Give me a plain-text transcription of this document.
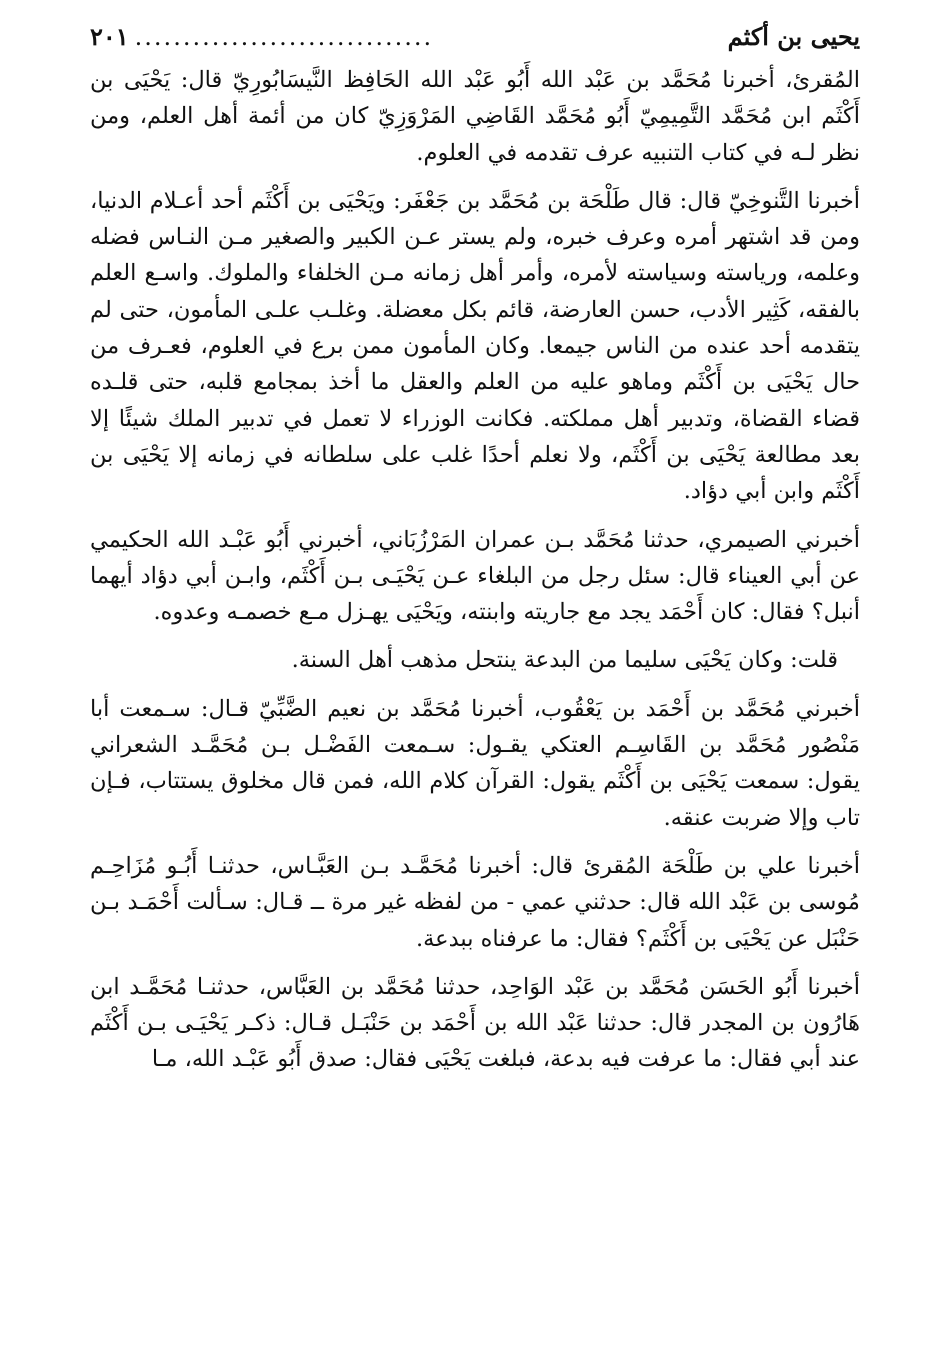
يحيى بن أكثم
...............................
٢٠١

المُقرئ، أخبرنا مُحَمَّد بن عَبْد الله أَبُو عَبْد الله الحَافِظ النَّيسَابُورِيّ قال: يَحْيَى بن أَكْثَم ابن مُحَمَّد التَّمِيمِيّ أَبُو مُحَمَّد القَاضِي المَرْوَزِيّ كان من أئمة أهل العلم، ومن نظر لـه في كتاب التنبيه عرف تقدمه في العلوم.

أخبرنا التَّنوخِيّ قال: قال طَلْحَة بن مُحَمَّد بن جَعْفَر: ويَحْيَى بن أَكْثَم أحد أعـلام الدنيا، ومن قد اشتهر أمره وعرف خبره، ولم يستر عـن الكبير والصغير مـن النـاس فضله وعلمه، ورياسته وسياسته لأمره، وأمر أهل زمانه مـن الخلفاء والملوك. واسـع العلم بالفقه، كَثِير الأدب، حسن العارضة، قائم بكل معضلة. وغلـب علـى المأمون، حتى لم يتقدمه أحد عنده من الناس جيمعا. وكان المأمون ممن برع في العلوم، فعـرف من حال يَحْيَى بن أَكْثَم وماهو عليه من العلم والعقل ما أخذ بمجامع قلبه، حتى قلـده قضاء القضاة، وتدبير أهل مملكته. فكانت الوزراء لا تعمل في تدبير الملك شيئًا إلا بعد مطالعة يَحْيَى بن أَكْثَم، ولا نعلم أحدًا غلب على سلطانه في زمانه إلا يَحْيَى بن أَكْثَم وابن أبي دؤاد.

أخبرني الصيمري، حدثنا مُحَمَّد بـن عمران المَرْزُبَاني، أخبرني أَبُو عَبْـد الله الحكيمي عن أبي العيناء قال: سئل رجل من البلغاء عـن يَحْيَـى بـن أَكْثَم، وابـن أبي دؤاد أيهما أنبل؟ فقال: كان أَحْمَد يجد مع جاريته وابنته، ويَحْيَى يهـزل مـع خصمـه وعدوه.

قلت: وكان يَحْيَى سليما من البدعة ينتحل مذهب أهل السنة.

أخبرني مُحَمَّد بن أَحْمَد بن يَعْقُوب، أخبرنا مُحَمَّد بن نعيم الضَّبِّيّ قـال: سـمعت أبا مَنْصُور مُحَمَّد بن القَاسِـم العتكي يقـول: سـمعت الفَضْـل بـن مُحَمَّـد الشعراني يقول: سمعت يَحْيَى بن أَكْثَم يقول: القرآن كلام الله، فمن قال مخلوق يستتاب، فـإن تاب وإلا ضربت عنقه.

أخبرنا علي بن طَلْحَة المُقرئ قال: أخبرنا مُحَمَّـد بـن العَبَّـاس، حدثنـا أَبُـو مُزَاحِـم مُوسى بن عَبْد الله قال: حدثني عمي - من لفظه غير مرة ــ قـال: سـألت أَحْمَـد بـن حَنْبَل عن يَحْيَى بن أَكْثَم؟ فقال: ما عرفناه ببدعة.

أخبرنا أَبُو الحَسَن مُحَمَّد بن عَبْد الوَاحِد، حدثنا مُحَمَّد بن العَبَّاس، حدثنـا مُحَمَّـد ابن هَارُون بن المجدر قال: حدثنا عَبْد الله بن أَحْمَد بن حَنْبَـل قـال: ذكـر يَحْيَـى بـن أَكْثَم عند أبي فقال: ما عرفت فيه بدعة، فبلغت يَحْيَى فقال: صدق أَبُو عَبْـد الله، مـا
